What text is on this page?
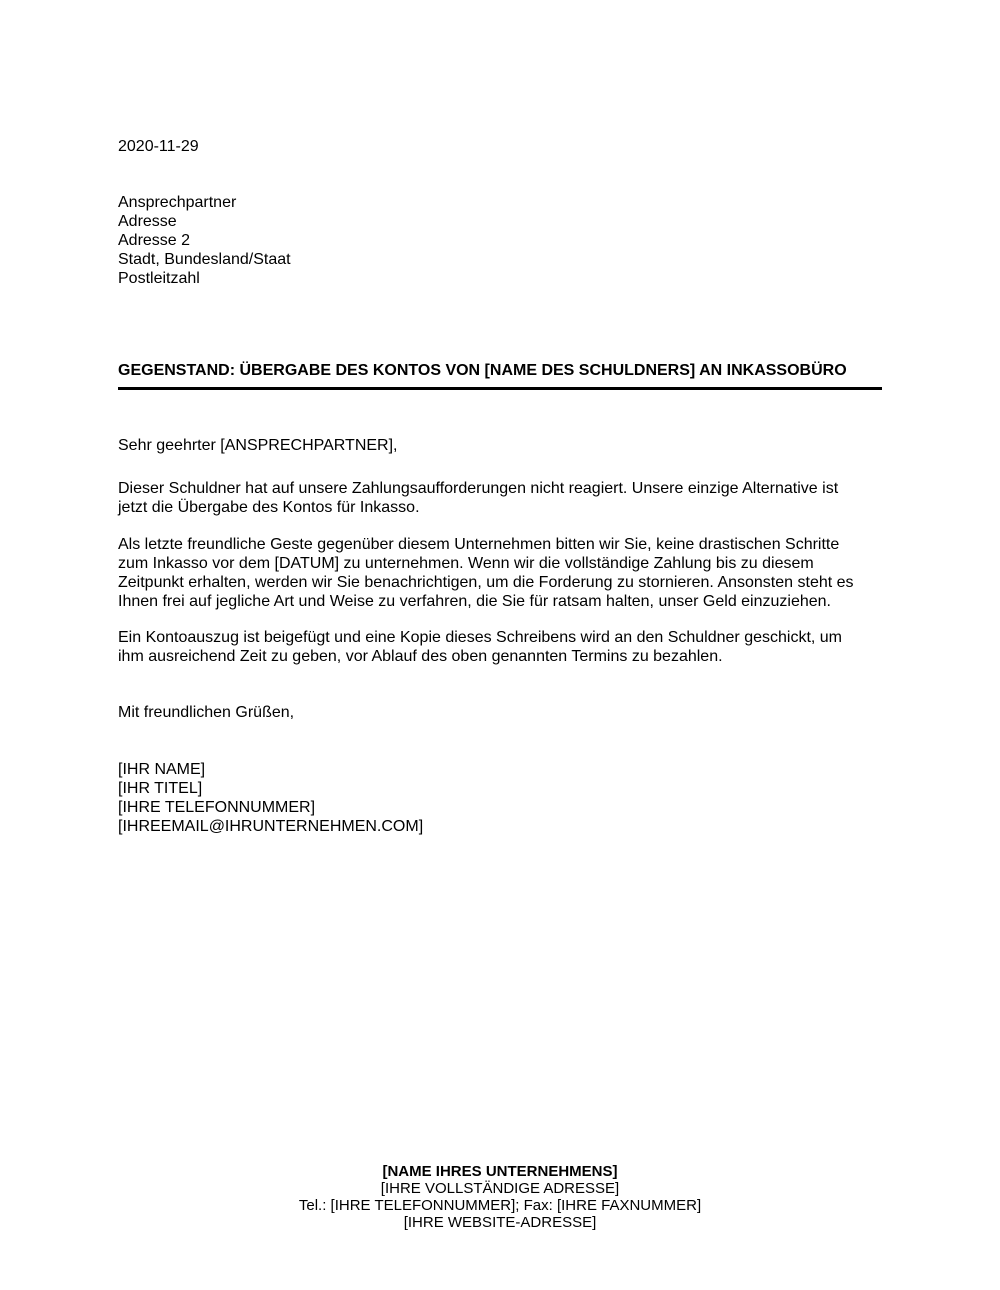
2020-11-29
Ansprechpartner
Adresse
Adresse 2
Stadt, Bundesland/Staat
Postleitzahl
GEGENSTAND: ÜBERGABE DES KONTOS VON [NAME DES SCHULDNERS] AN INKASSOBÜRO
Sehr geehrter [ANSPRECHPARTNER],
Dieser Schuldner hat auf unsere Zahlungsaufforderungen nicht reagiert. Unsere einzige Alternative ist
jetzt die Übergabe des Kontos für Inkasso.
Als letzte freundliche Geste gegenüber diesem Unternehmen bitten wir Sie, keine drastischen Schritte
zum Inkasso vor dem [DATUM] zu unternehmen. Wenn wir die vollständige Zahlung bis zu diesem
Zeitpunkt erhalten, werden wir Sie benachrichtigen, um die Forderung zu stornieren. Ansonsten steht es
Ihnen frei auf jegliche Art und Weise zu verfahren, die Sie für ratsam halten, unser Geld einzuziehen.
Ein Kontoauszug ist beigefügt und eine Kopie dieses Schreibens wird an den Schuldner geschickt, um
ihm ausreichend Zeit zu geben, vor Ablauf des oben genannten Termins zu bezahlen.
Mit freundlichen Grüßen,
[IHR NAME]
[IHR TITEL]
[IHRE TELEFONNUMMER]
[IHREEMAIL@IHRUNTERNEHMEN.COM]
[NAME IHRES UNTERNEHMENS]
[IHRE VOLLSTÄNDIGE ADRESSE]
Tel.: [IHRE TELEFONNUMMER]; Fax: [IHRE FAXNUMMER]
[IHRE WEBSITE-ADRESSE]
